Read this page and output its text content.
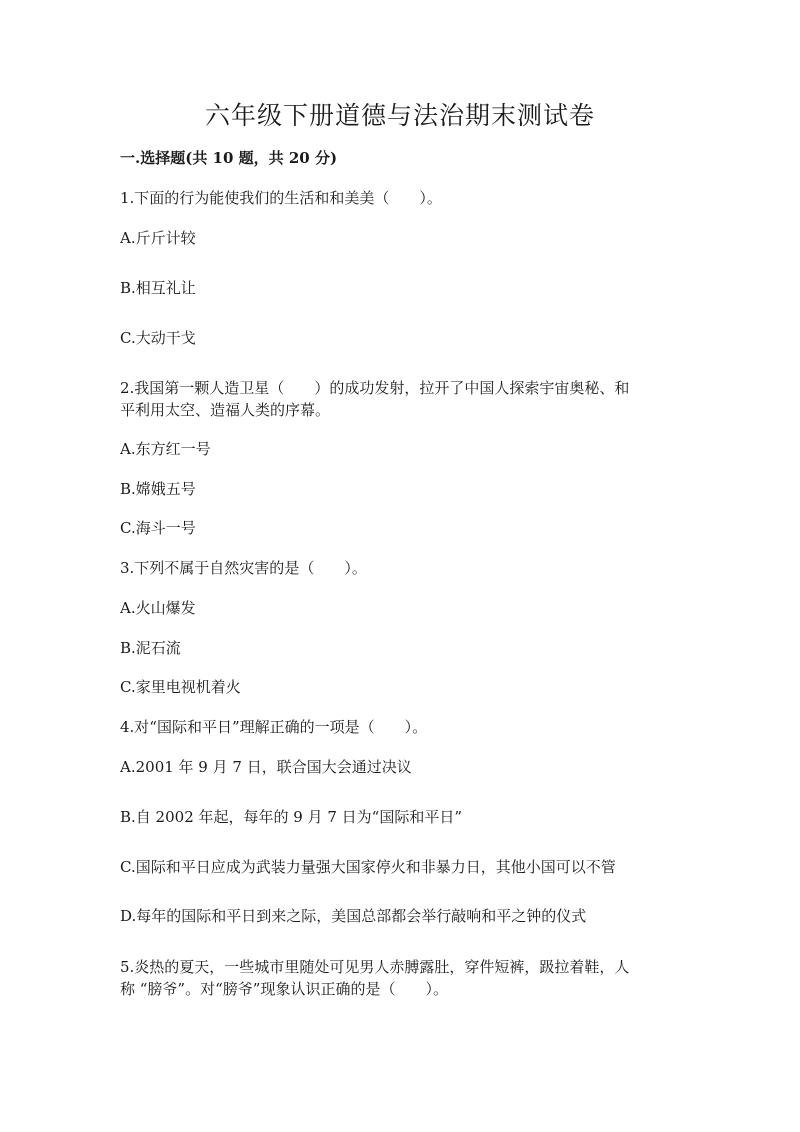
六年级下册道德与法治期末测试卷
一.选择题(共 10 题，共 20 分)
1.下面的行为能使我们的生活和和美美（　　）。
A.斤斤计较
B.相互礼让
C.大动干戈
2.我国第一颗人造卫星（　　）的成功发射，拉开了中国人探索宇宙奥秘、和
平利用太空、造福人类的序幕。
A.东方红一号
B.嫦娥五号
C.海斗一号
3.下列不属于自然灾害的是（　　）。
A.火山爆发
B.泥石流
C.家里电视机着火
4.对“国际和平日”理解正确的一项是（　　）。
A.2001 年 9 月 7 日，联合国大会通过决议
B.自 2002 年起，每年的 9 月 7 日为“国际和平日”
C.国际和平日应成为武装力量强大国家停火和非暴力日，其他小国可以不管
D.每年的国际和平日到来之际，美国总部都会举行敲响和平之钟的仪式
5.炎热的夏天，一些城市里随处可见男人赤膊露肚，穿件短裤，趿拉着鞋，人
称 “膀爷”。对“膀爷”现象认识正确的是（　　）。
